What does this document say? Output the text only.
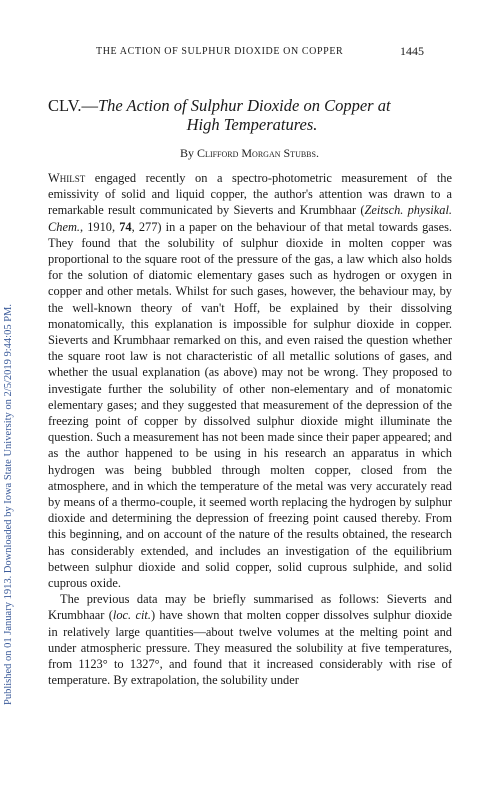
THE ACTION OF SULPHUR DIOXIDE ON COPPER	1445
Published on 01 January 1913. Downloaded by Iowa State University on 2/5/2019 9:44:05 PM.
CLV.—The Action of Sulphur Dioxide on Copper at
High Temperatures.
By Clifford Morgan Stubbs.

Whilst engaged recently on a spectro-photometric measurement of the emissivity of solid and liquid copper, the author's attention was drawn to a remarkable result communicated by Sieverts and Krumbhaar (Zeitsch. physikal. Chem., 1910, 74, 277) in a paper on the behaviour of that metal towards gases. They found that the solubility of sulphur dioxide in molten copper was proportional to the square root of the pressure of the gas, a law which also holds for the solution of diatomic elementary gases such as hydrogen or oxygen in copper and other metals. Whilst for such gases, however, the behaviour may, by the well-known theory of van't Hoff, be explained by their dissolving monatomically, this explanation is impossible for sulphur dioxide in copper. Sieverts and Krumbhaar remarked on this, and even raised the question whether the square root law is not characteristic of all metallic solutions of gases, and whether the usual explanation (as above) may not be wrong. They proposed to investigate further the solubility of other non-elementary and of monatomic elementary gases; and they suggested that measurement of the depression of the freezing point of copper by dissolved sulphur dioxide might illuminate the question. Such a measurement has not been made since their paper appeared; and as the author happened to be using in his research an apparatus in which hydrogen was being bubbled through molten copper, closed from the atmosphere, and in which the temperature of the metal was very accurately read by means of a thermo-couple, it seemed worth replacing the hydrogen by sulphur dioxide and determining the depression of freezing point caused thereby. From this beginning, and on account of the nature of the results obtained, the research has considerably extended, and includes an investigation of the equilibrium between sulphur dioxide and solid copper, solid cuprous sulphide, and solid cuprous oxide.

The previous data may be briefly summarised as follows: Sieverts and Krumbhaar (loc. cit.) have shown that molten copper dissolves sulphur dioxide in relatively large quantities—about twelve volumes at the melting point and under atmospheric pressure. They measured the solubility at five temperatures, from 1123° to 1327°, and found that it increased considerably with rise of temperature. By extrapolation, the solubility under
